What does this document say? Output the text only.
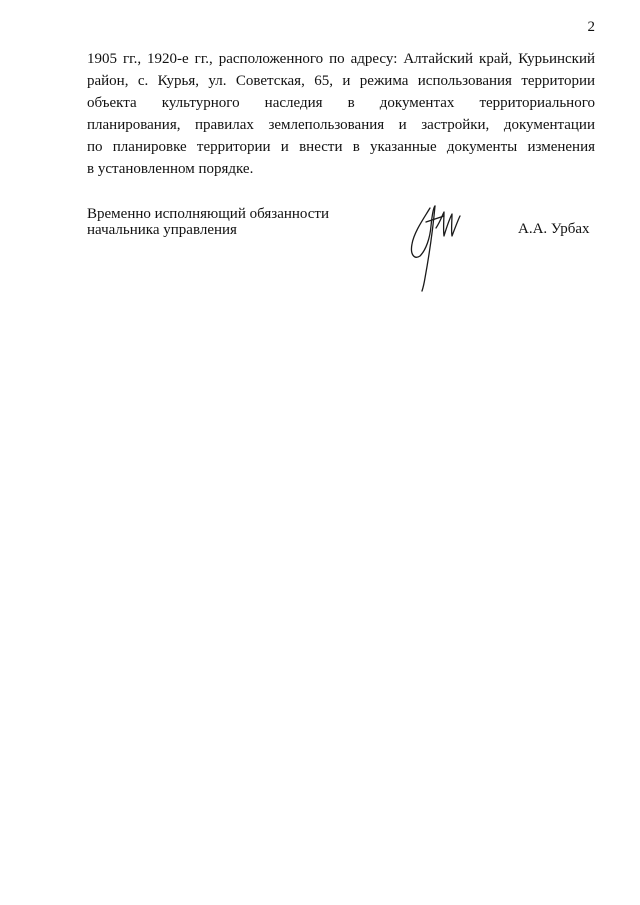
2
1905 гг., 1920-е гг., расположенного по адресу: Алтайский край, Курьинский
район, с. Курья, ул. Советская, 65, и режима использования территории
объекта культурного наследия в документах территориального
планирования, правилах землепользования и застройки, документации
по планировке территории и внести в указанные документы изменения
в установленном порядке.
Временно исполняющий обязанности
начальника управления	А.А. Урбах
